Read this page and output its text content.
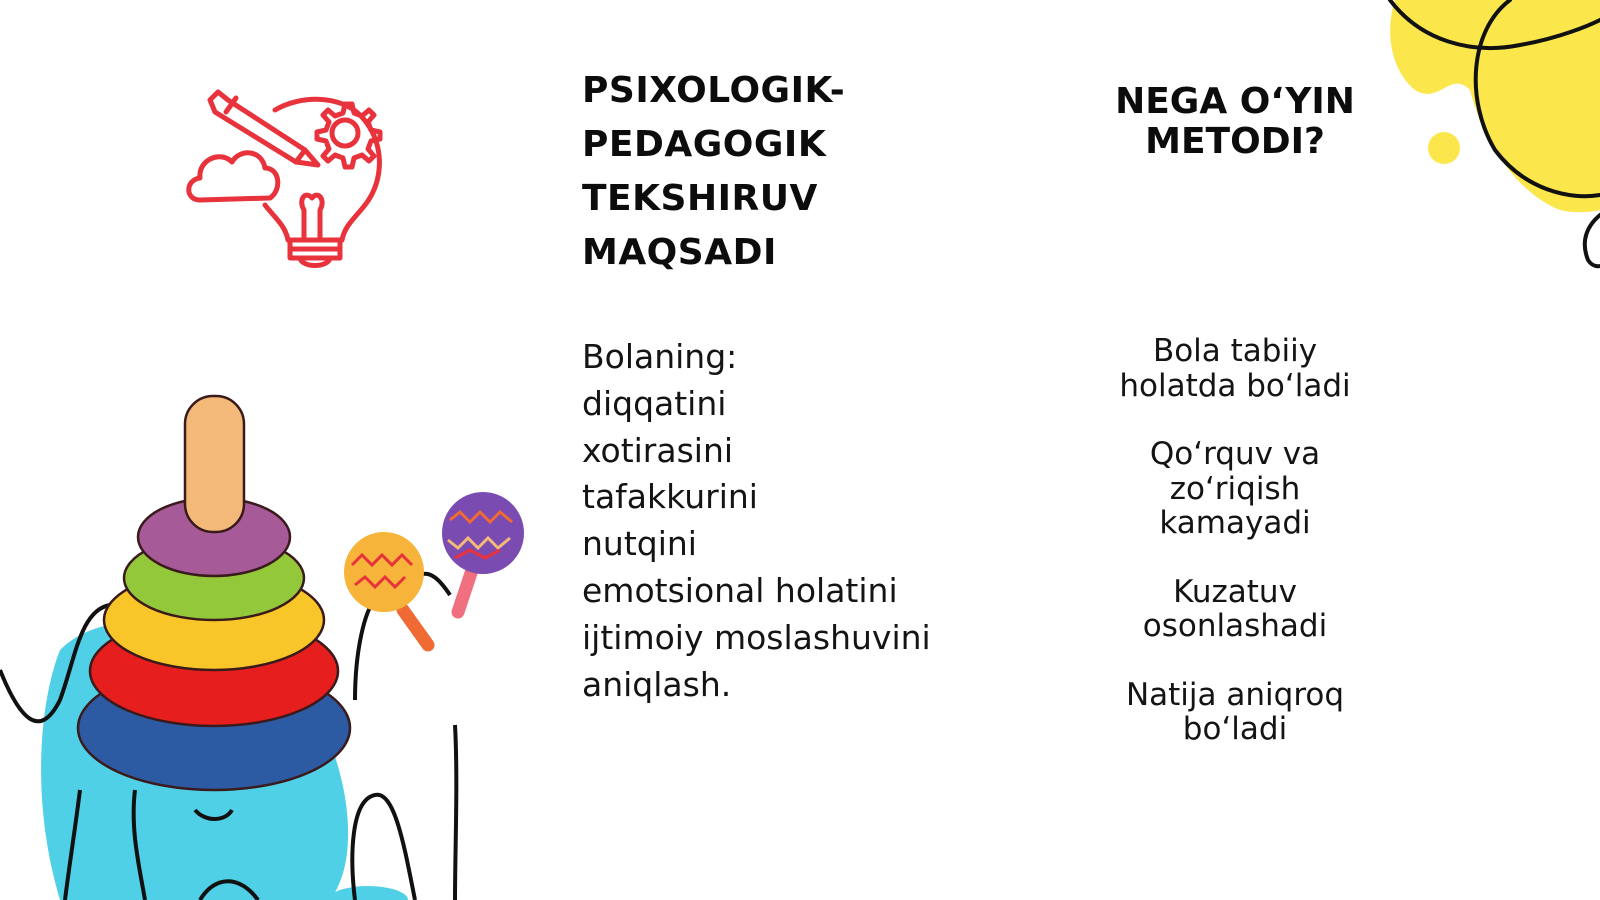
PSIXOLOGIK-
PEDAGOGIK
TEKSHIRUV
MAQSADI
Bolaning:
diqqatini
xotirasini
tafakkurini
nutqini
emotsional holatini
ijtimoiy moslashuvini
aniqlash.
NEGA O‘YIN
METODI?
Bola tabiiy
holatda bo‘ladi
Qo‘rquv va
zo‘riqish
kamayadi
Kuzatuv
osonlashadi
Natija aniqroq
bo‘ladi
